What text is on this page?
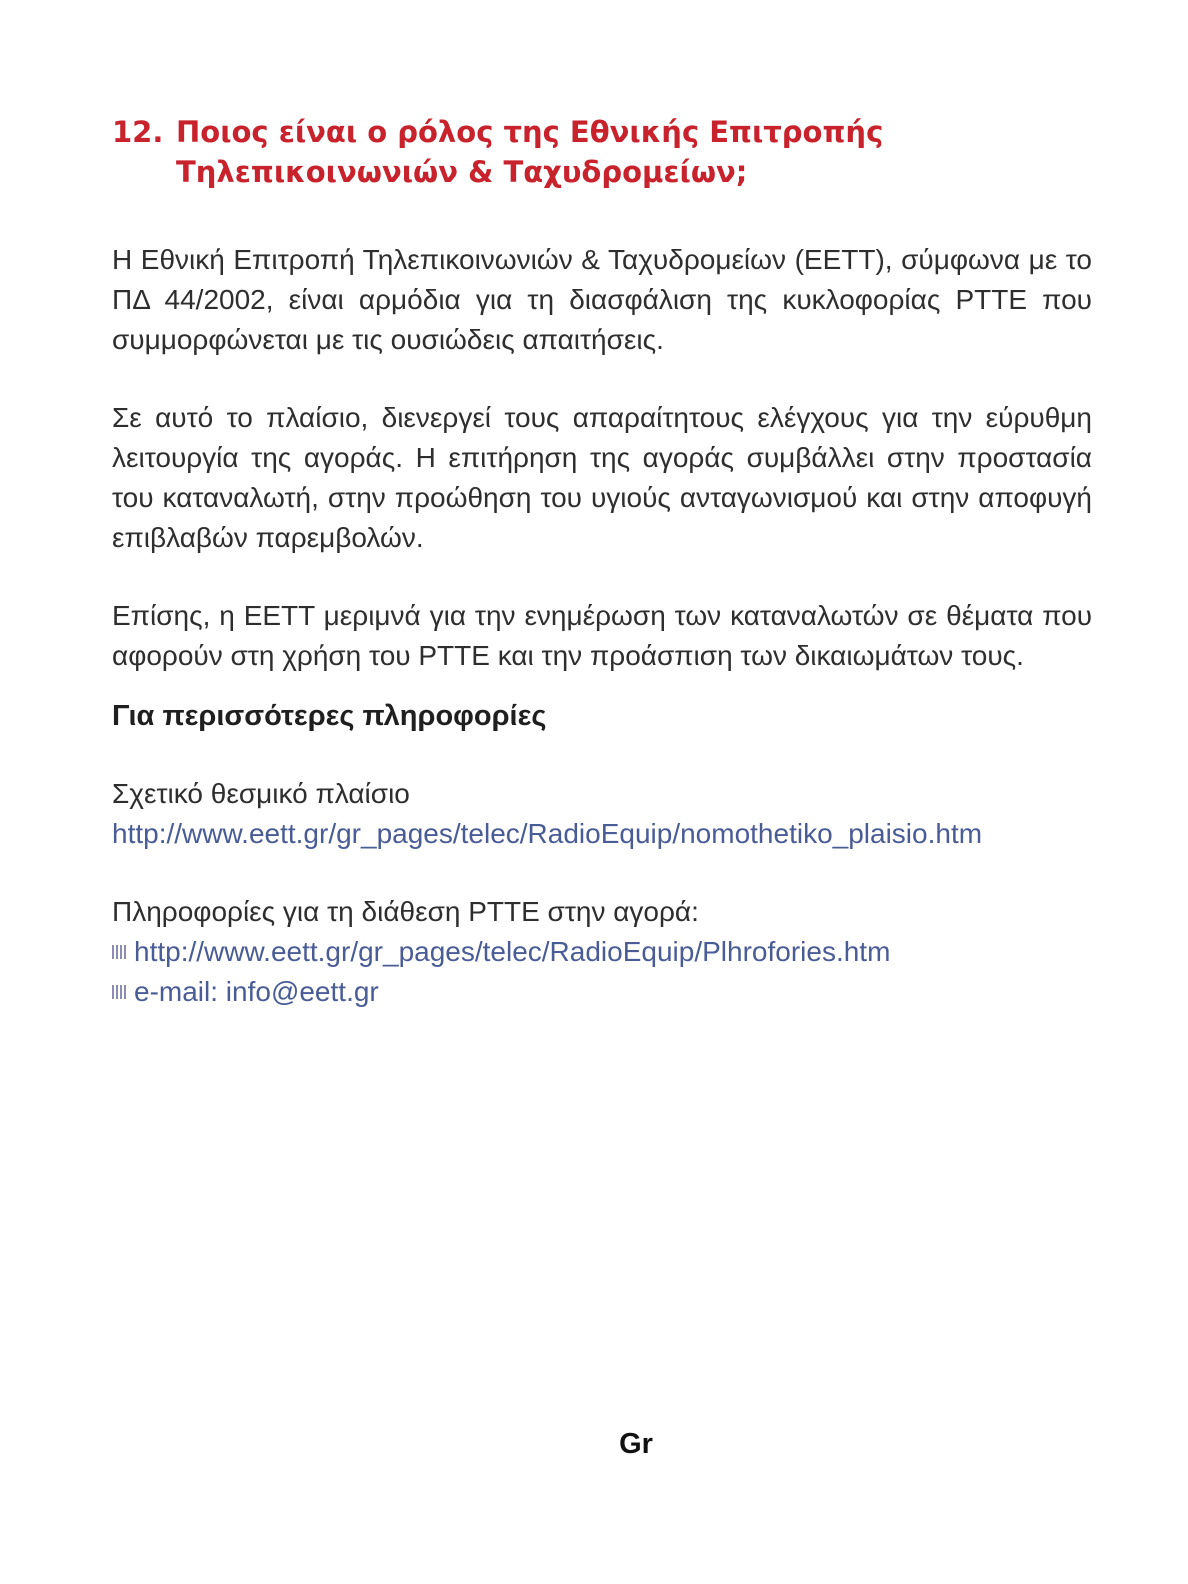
12. Ποιος είναι ο ρόλος της Εθνικής Επιτροπής
Τηλεπικοινωνιών & Ταχυδρομείων;

Η Εθνική Επιτροπή Τηλεπικοινωνιών & Ταχυδρομείων (ΕΕΤΤ), σύμφωνα με το ΠΔ 44/2002, είναι αρμόδια για τη διασφάλιση της κυκλοφορίας PTTE που συμμορφώνεται με τις ουσιώδεις απαιτήσεις.

Σε αυτό το πλαίσιο, διενεργεί τους απαραίτητους ελέγχους για την εύρυθμη λειτουργία της αγοράς. Η επιτήρηση της αγοράς συμβάλλει στην προστασία του καταναλωτή, στην προώθηση του υγιούς ανταγωνισμού και στην αποφυγή επιβλαβών παρεμβολών.

Επίσης, η ΕΕΤΤ μεριμνά για την ενημέρωση των καταναλωτών σε θέματα που αφορούν στη χρήση του PTTE και την προάσπιση των δικαιωμάτων τους.

Για περισσότερες πληροφορίες
Σχετικό θεσμικό πλαίσιο
http://www.eett.gr/gr_pages/telec/RadioEquip/nomothetiko_plaisio.htm
Πληροφορίες για τη διάθεση PTTE στην αγορά:
http://www.eett.gr/gr_pages/telec/RadioEquip/Plhrofories.htm
e-mail: info@eett.gr
Gr
